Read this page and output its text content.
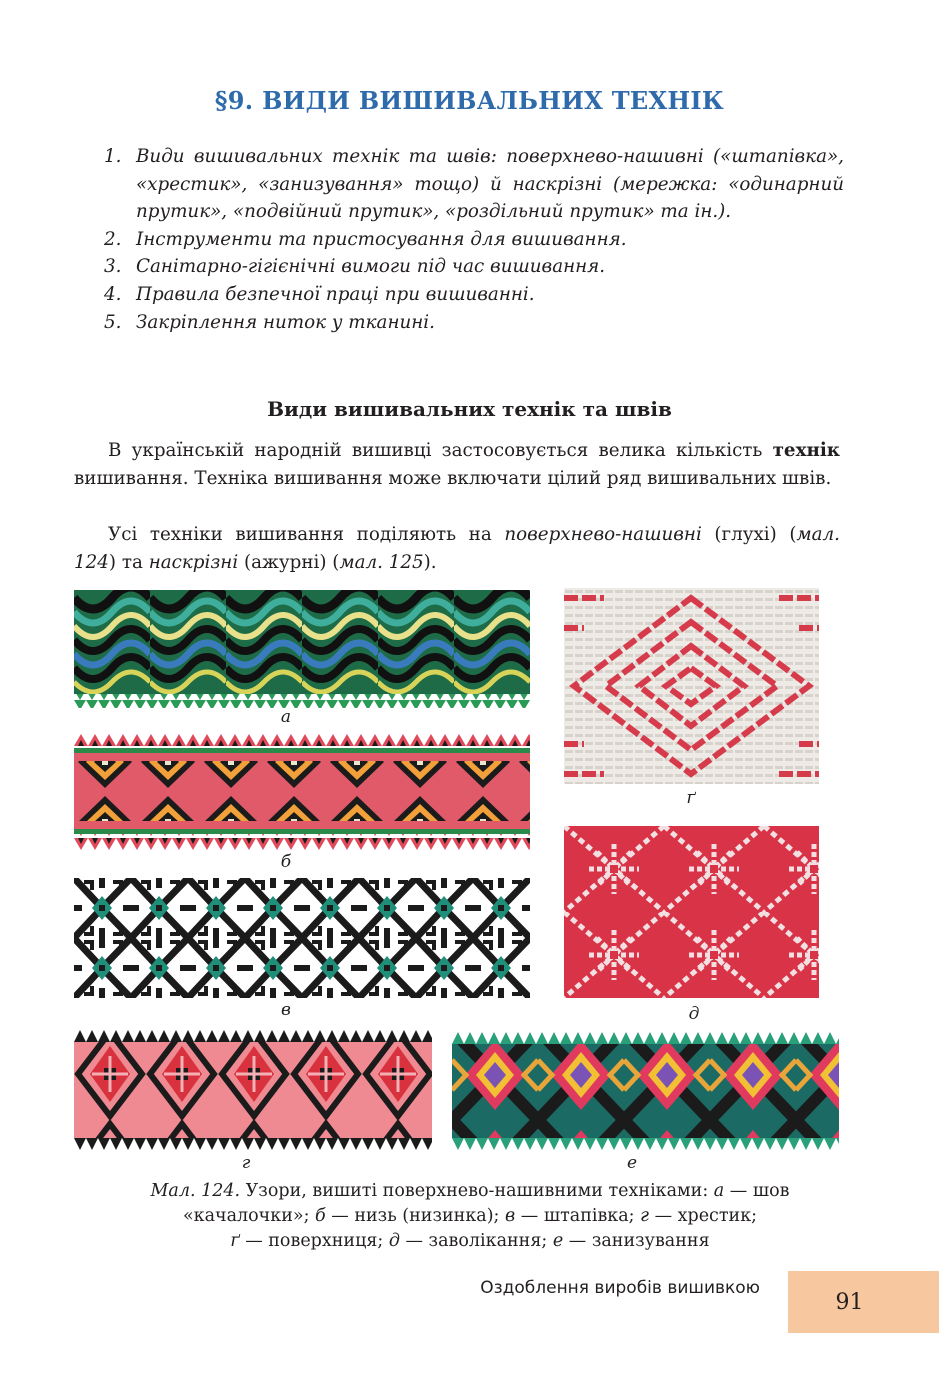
§9. ВИДИ ВИШИВАЛЬНИХ ТЕХНІК
1. Види вишивальних технік та швів: поверхнево-нашивні («штапівка», «хрестик», «занизування» тощо) й наскрізні (мережка: «одинарний прутик», «подвійний прутик», «роздільний прутик» та ін.).
2. Інструменти та пристосування для вишивання.
3. Санітарно-гігієнічні вимоги під час вишивання.
4. Правила безпечної праці при вишиванні.
5. Закріплення ниток у тканині.
Види вишивальних технік та швів
В українській народній вишивці застосовується велика кількість технік вишивання. Техніка вишивання може включати цілий ряд вишивальних швів.
Усі техніки вишивання поділяють на поверхнево-нашивні (глухі) (мал. 124) та наскрізні (ажурні) (мал. 125).
а
б
в
г
ґ
д
е
Мал. 124. Узори, вишиті поверхнево-нашивними техніками: а — шов «качалочки»; б — низь (низинка); в — штапівка; г — хрестик;
ґ — поверхниця; д — заволікання; е — занизування
Оздоблення виробів вишивкою
91
